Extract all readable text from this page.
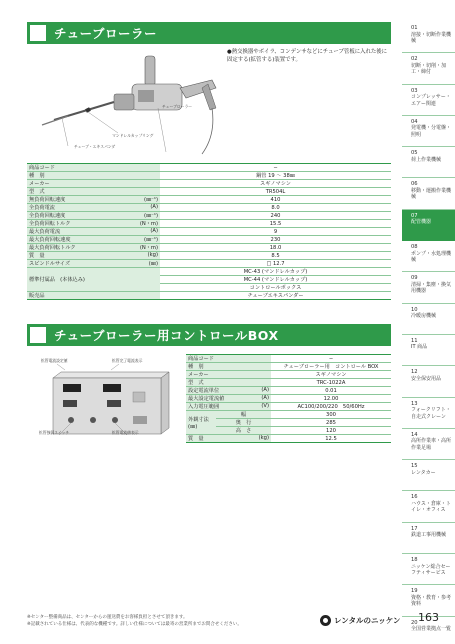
チューブローラー
チューブローラー
マンドレルカップリング
チューブ・エキスパンダ
●熱交換器やボイラ、コンデンサなどにチューブ管板に入れた後に固定する(拡管する)装置です。
商品コード	−
種　別	鋼管 19 ～ 38㎜
メーカー	スギノマシン
型　式	TR504L
無負荷回転速度 (㎜⁻¹)	410
全負荷電流 (A)	8.0
全負荷回転速度 (㎜⁻¹)	240
全負荷回転トルク (N・m)	15.5
最大負荷電流 (A)	9
最大負荷回転速度 (㎜⁻¹)	230
最大負荷回転トルク (N・m)	18.0
質　量 (kg)	8.5
スピンドルサイズ (㎜)	□ 12.7
標準付属品　(本体込み)	MC-43 (マンドレルカップ)
	MC-44 (マンドレルカップ)
	コントロールボックス
販売品	チューブエキスパンダー
チューブローラー用コントロールBOX
拡管電流設定値	拡管完了電流表示
拡管強弱スイッチ	拡管電流値表示
商品コード		−
種　別		チューブローラー用　コントロール BOX
メーカー		スギノマシン
型　式		TRC-1022A
設定電流単位 (A)		0.01
最大設定電流値 (A)		12.00
入力電圧範囲 (V)		AC100/200/220　50/60Hz
外観寸法(㎜)	幅	300
	奥　行	285
	高　さ	120
質　量 (kg)		12.5
01
溶接・切断作業機械
02
切断・切削・加工・締付
03
コンプレッサー・エアー関連
04
発電機・分電盤・照明
05
荷上作業機械
06
移動・運搬作業機械
07
配管機器
08
ポンプ・水処理機械
09
清掃・集塵・換気用機器
10
冷暖房機械
11
IT 商品
12
安全保安用品
13
フォークリフト・自走式クレーン
14
高所作業車・高所作業足場
15
レンタカー
16
ハウス・倉庫・トイレ・オフィス
17
鉄道工事用機械
18
ニッケン総合セーフティサービス
19
資格・教育・参考資料
20
全国営業拠点一覧
※センター整備商品は、センターからの運送費をお客様負担とさせて頂きます。
※記載されている仕様は、代表的な機種です。詳しい仕様については最寄の営業所までお問合せください。	レンタルのニッケン 163
